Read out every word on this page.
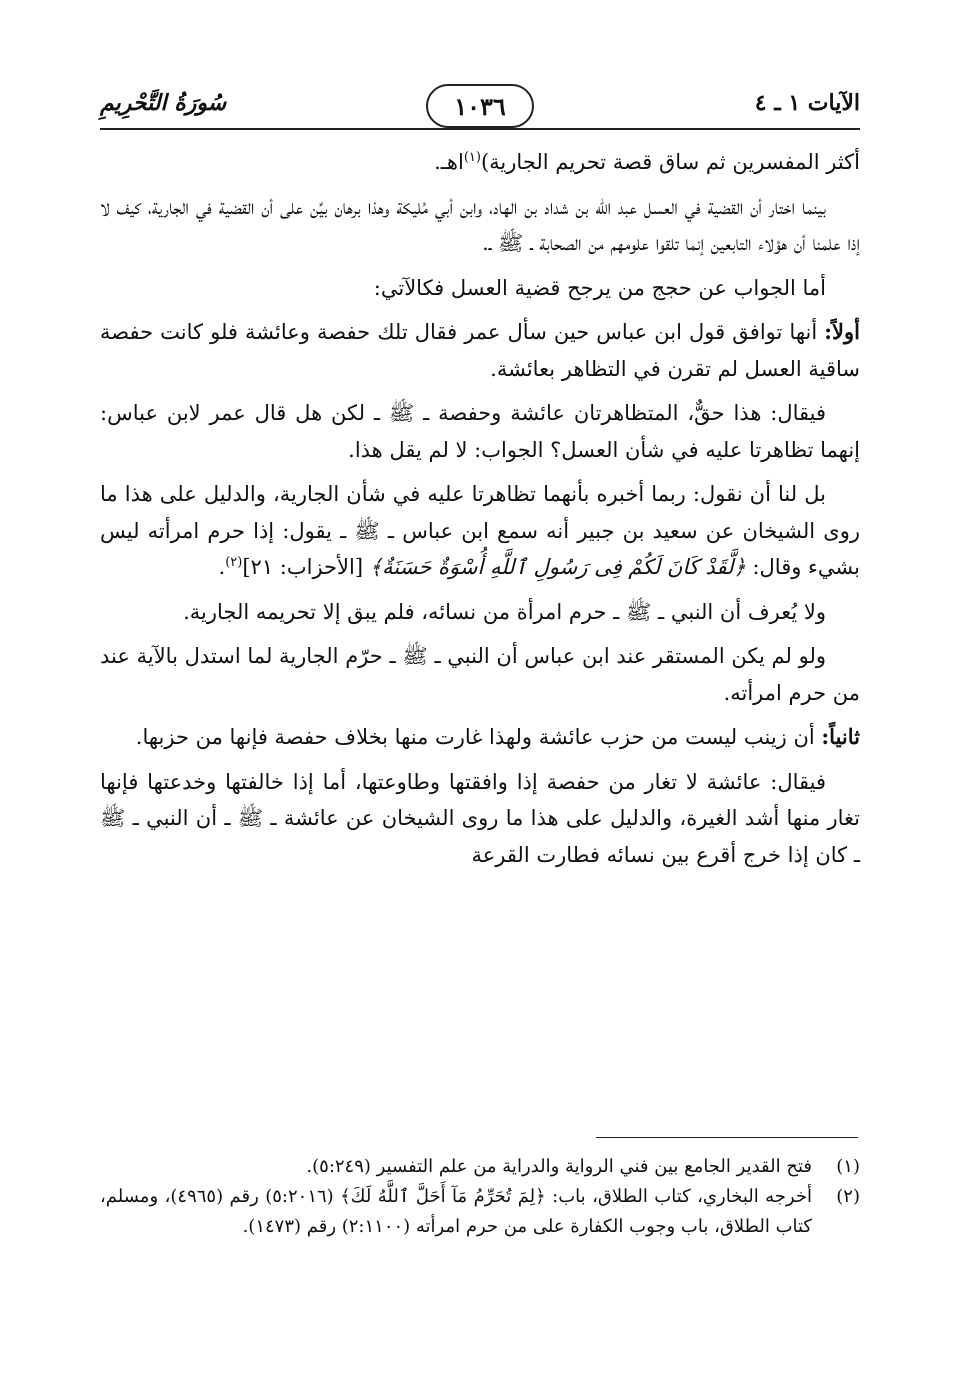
الآيات ١ ـ ٤
١٠٣٦
سُورَةُ التَّحْرِيمِ

أكثر المفسرين ثم ساق قصة تحريم الجارية)$^{(١)}$اهـ.

بينما اختار أن القضية في العسل عبد الله بن شداد بن الهاد، وابن أبي مُليكة وهذا برهان بيِّن على أن القضية في الجارية، كيف لا إذا علمنا أن هؤلاء التابعين إنما تلقوا علومهم من الصحابة ـ ﷺ ـ.

أما الجواب عن حجج من يرجح قضية العسل فكالآتي:

أولاً: أنها توافق قول ابن عباس حين سأل عمر فقال تلك حفصة وعائشة فلو كانت حفصة ساقية العسل لم تقرن في التظاهر بعائشة.

فيقال: هذا حقٌّ، المتظاهرتان عائشة وحفصة ـ ﷺ ـ لكن هل قال عمر لابن عباس: إنهما تظاهرتا عليه في شأن العسل؟ الجواب: لا لم يقل هذا.

بل لنا أن نقول: ربما أخبره بأنهما تظاهرتا عليه في شأن الجارية، والدليل على هذا ما روى الشيخان عن سعيد بن جبير أنه سمع ابن عباس ـ ﷺ ـ يقول: إذا حرم امرأته ليس بشيء وقال: ﴿لَّقَدْ كَانَ لَكُمْ فِى رَسُولِ ٱللَّهِ أُسْوَةٌ حَسَنَةٌ﴾ [الأحزاب: ٢١]$^{(٢)}$.

ولا يُعرف أن النبي ـ ﷺ ـ حرم امرأة من نسائه، فلم يبق إلا تحريمه الجارية.

ولو لم يكن المستقر عند ابن عباس أن النبي ـ ﷺ ـ حرّم الجارية لما استدل بالآية عند من حرم امرأته.

ثانياً: أن زينب ليست من حزب عائشة ولهذا غارت منها بخلاف حفصة فإنها من حزبها.

فيقال: عائشة لا تغار من حفصة إذا وافقتها وطاوعتها، أما إذا خالفتها وخدعتها فإنها تغار منها أشد الغيرة، والدليل على هذا ما روى الشيخان عن عائشة ـ ﷺ ـ أن النبي ـ ﷺ ـ كان إذا خرج أقرع بين نسائه فطارت القرعة

(١)
فتح القدير الجامع بين فني الرواية والدراية من علم التفسير (٥:٢٤٩).
(٢)
أخرجه البخاري، كتاب الطلاق، باب: ﴿لِمَ تُحَرِّمُ مَآ أَحَلَّ ٱللَّهُ لَكَ﴾ (٥:٢٠١٦) رقم (٤٩٦٥)، ومسلم، كتاب الطلاق، باب وجوب الكفارة على من حرم امرأته (٢:١١٠٠) رقم (١٤٧٣).
